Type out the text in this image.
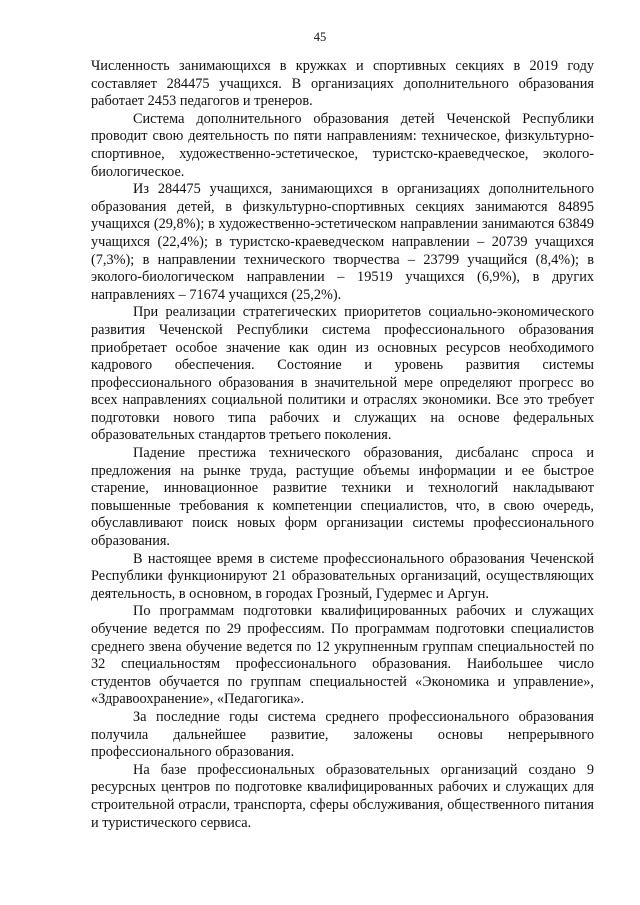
45

Численность занимающихся в кружках и спортивных секциях в 2019 году составляет 284475 учащихся. В организациях дополнительного образования работает 2453 педагогов и тренеров.

Система дополнительного образования детей Чеченской Республики проводит свою деятельность по пяти направлениям: техническое, физкультурно-спортивное, художественно-эстетическое, туристско-краеведческое, эколого-биологическое.

Из 284475 учащихся, занимающихся в организациях дополнительного образования детей, в физкультурно-спортивных секциях занимаются 84895 учащихся (29,8%); в художественно-эстетическом направлении занимаются 63849 учащихся (22,4%); в туристско-краеведческом направлении – 20739 учащихся (7,3%); в направлении технического творчества – 23799 учащийся (8,4%); в эколого-биологическом направлении – 19519 учащихся (6,9%), в других направлениях – 71674 учащихся (25,2%).

При реализации стратегических приоритетов социально-экономического развития Чеченской Республики система профессионального образования приобретает особое значение как один из основных ресурсов необходимого кадрового обеспечения. Состояние и уровень развития системы профессионального образования в значительной мере определяют прогресс во всех направлениях социальной политики и отраслях экономики. Все это требует подготовки нового типа рабочих и служащих на основе федеральных образовательных стандартов третьего поколения.

Падение престижа технического образования, дисбаланс спроса и предложения на рынке труда, растущие объемы информации и ее быстрое старение, инновационное развитие техники и технологий накладывают повышенные требования к компетенции специалистов, что, в свою очередь, обуславливают поиск новых форм организации системы профессионального образования.

В настоящее время в системе профессионального образования Чеченской Республики функционируют 21 образовательных организаций, осуществляющих деятельность, в основном, в городах Грозный, Гудермес и Аргун.

По программам подготовки квалифицированных рабочих и служащих обучение ведется по 29 профессиям. По программам подготовки специалистов среднего звена обучение ведется по 12 укрупненным группам специальностей по 32 специальностям профессионального образования. Наибольшее число студентов обучается по группам специальностей «Экономика и управление», «Здравоохранение», «Педагогика».

За последние годы система среднего профессионального образования получила дальнейшее развитие, заложены основы непрерывного профессионального образования.

На базе профессиональных образовательных организаций создано 9 ресурсных центров по подготовке квалифицированных рабочих и служащих для строительной отрасли, транспорта, сферы обслуживания, общественного питания и туристического сервиса.
